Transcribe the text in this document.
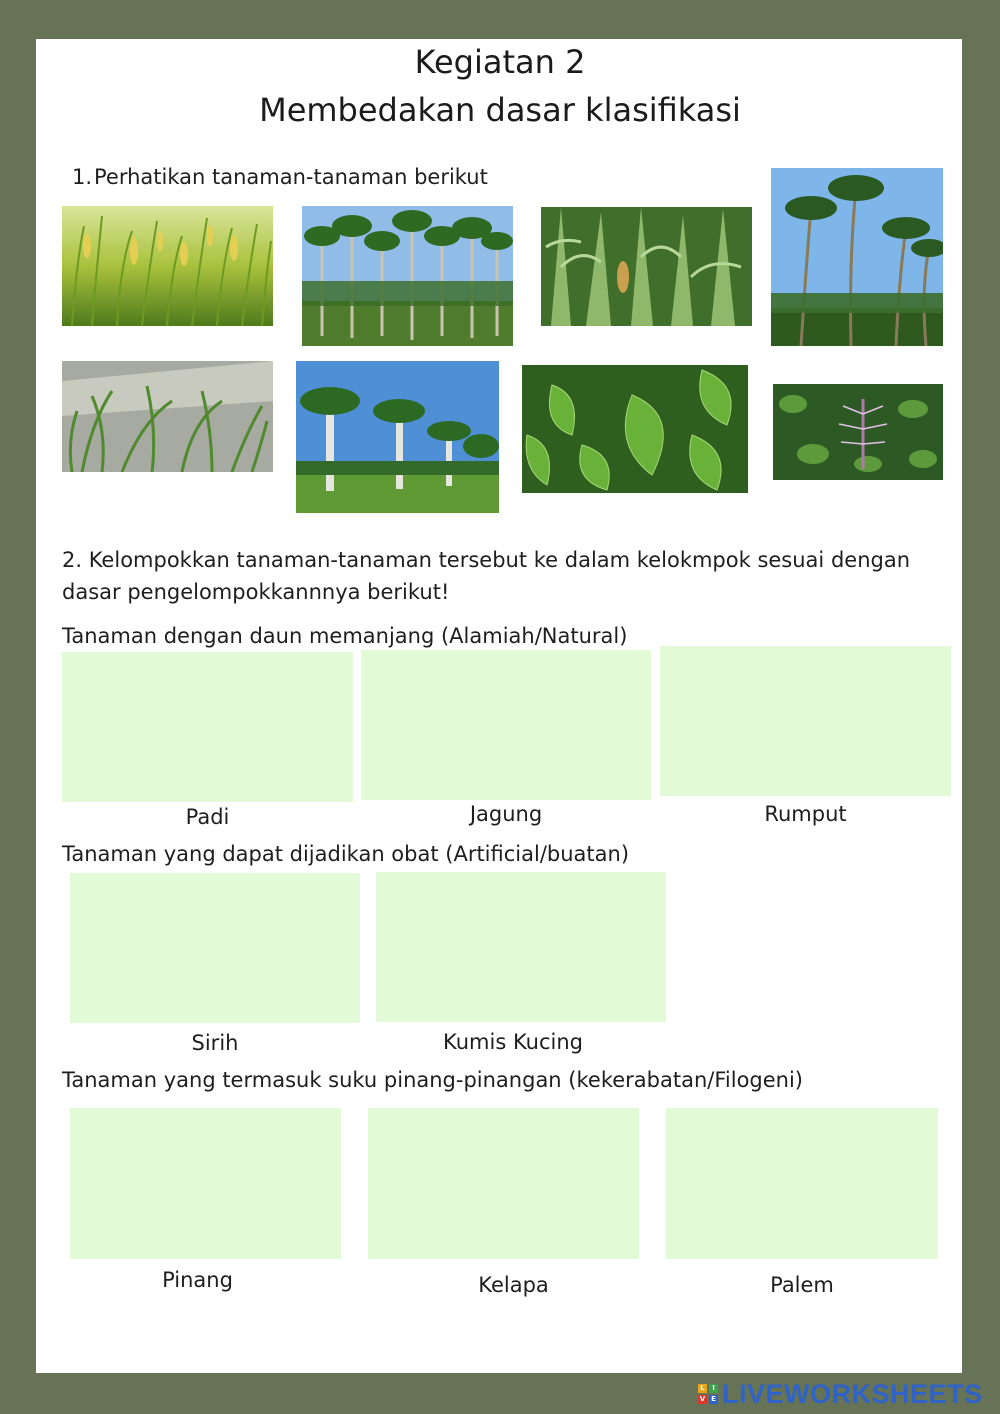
Kegiatan 2
Membedakan dasar klasifikasi
1. Perhatikan tanaman-tanaman berikut
2. Kelompokkan tanaman-tanaman tersebut ke dalam kelokmpok sesuai dengan
dasar pengelompokkannnya berikut!
Tanaman dengan daun memanjang (Alamiah/Natural)
Padi	Jagung	Rumput
Tanaman yang dapat dijadikan obat (Artificial/buatan)
Sirih	Kumis Kucing
Tanaman yang termasuk suku pinang-pinangan (kekerabatan/Filogeni)
Pinang	Kelapa	Palem
L	I
V E LIVEWORKSHEETS
